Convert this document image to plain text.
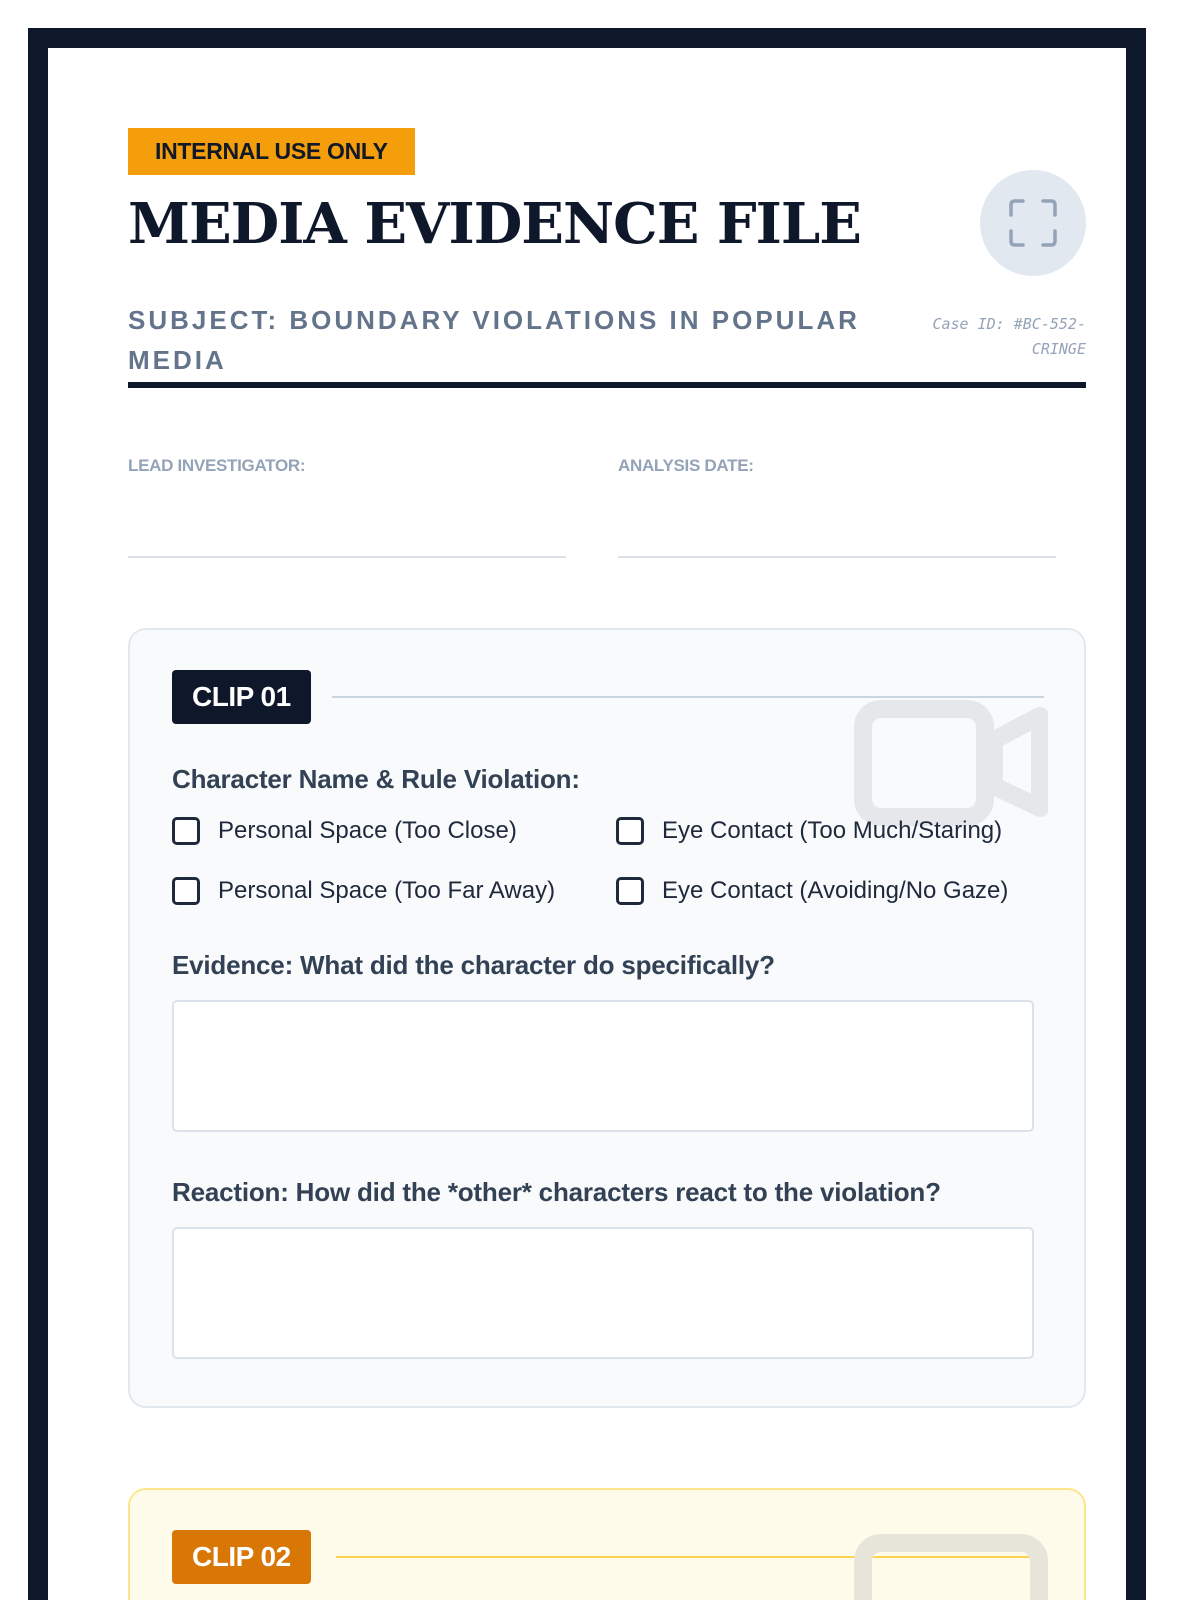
INTERNAL USE ONLY
MEDIA EVIDENCE FILE
SUBJECT: BOUNDARY VIOLATIONS IN POPULAR MEDIA
Case ID: #BC-552-CRINGE
LEAD INVESTIGATOR:	ANALYSIS DATE:
CLIP 01
Character Name & Rule Violation:
Personal Space (Too Close)	Eye Contact (Too Much/Staring)
Personal Space (Too Far Away)	Eye Contact (Avoiding/No Gaze)
Evidence: What did the character do specifically?
Reaction: How did the *other* characters react to the violation?
CLIP 02
